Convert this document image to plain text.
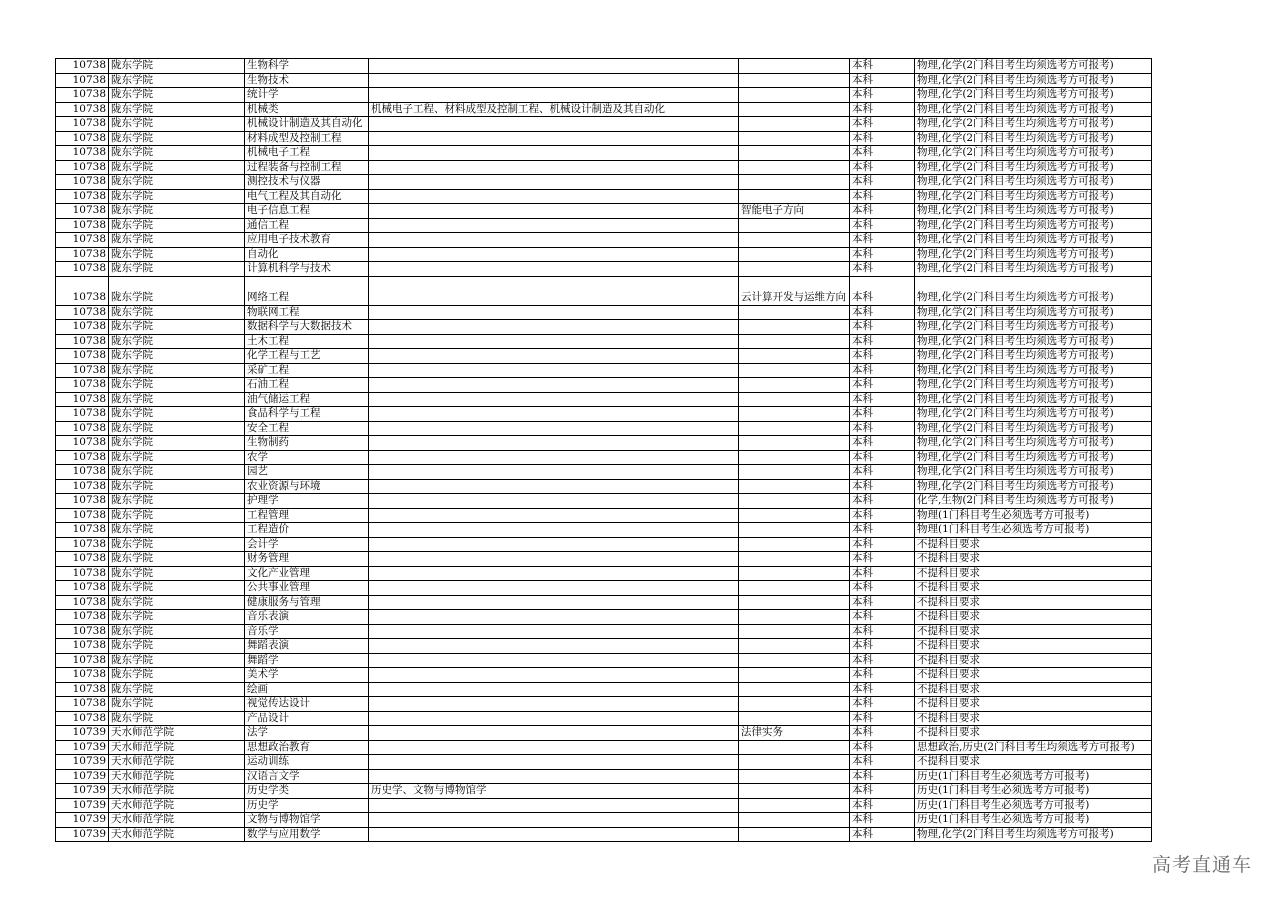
10738	陇东学院	生物科学			本科	物理,化学(2门科目考生均须选考方可报考)
10738	陇东学院	生物技术			本科	物理,化学(2门科目考生均须选考方可报考)
10738	陇东学院	统计学			本科	物理,化学(2门科目考生均须选考方可报考)
10738	陇东学院	机械类	机械电子工程、材料成型及控制工程、机械设计制造及其自动化		本科	物理,化学(2门科目考生均须选考方可报考)
10738	陇东学院	机械设计制造及其自动化			本科	物理,化学(2门科目考生均须选考方可报考)
10738	陇东学院	材料成型及控制工程			本科	物理,化学(2门科目考生均须选考方可报考)
10738	陇东学院	机械电子工程			本科	物理,化学(2门科目考生均须选考方可报考)
10738	陇东学院	过程装备与控制工程			本科	物理,化学(2门科目考生均须选考方可报考)
10738	陇东学院	测控技术与仪器			本科	物理,化学(2门科目考生均须选考方可报考)
10738	陇东学院	电气工程及其自动化			本科	物理,化学(2门科目考生均须选考方可报考)
10738	陇东学院	电子信息工程		智能电子方向	本科	物理,化学(2门科目考生均须选考方可报考)
10738	陇东学院	通信工程			本科	物理,化学(2门科目考生均须选考方可报考)
10738	陇东学院	应用电子技术教育			本科	物理,化学(2门科目考生均须选考方可报考)
10738	陇东学院	自动化			本科	物理,化学(2门科目考生均须选考方可报考)
10738	陇东学院	计算机科学与技术			本科	物理,化学(2门科目考生均须选考方可报考)
10738	陇东学院	网络工程		云计算开发与运维方向	本科	物理,化学(2门科目考生均须选考方可报考)
10738	陇东学院	物联网工程			本科	物理,化学(2门科目考生均须选考方可报考)
10738	陇东学院	数据科学与大数据技术			本科	物理,化学(2门科目考生均须选考方可报考)
10738	陇东学院	土木工程			本科	物理,化学(2门科目考生均须选考方可报考)
10738	陇东学院	化学工程与工艺			本科	物理,化学(2门科目考生均须选考方可报考)
10738	陇东学院	采矿工程			本科	物理,化学(2门科目考生均须选考方可报考)
10738	陇东学院	石油工程			本科	物理,化学(2门科目考生均须选考方可报考)
10738	陇东学院	油气储运工程			本科	物理,化学(2门科目考生均须选考方可报考)
10738	陇东学院	食品科学与工程			本科	物理,化学(2门科目考生均须选考方可报考)
10738	陇东学院	安全工程			本科	物理,化学(2门科目考生均须选考方可报考)
10738	陇东学院	生物制药			本科	物理,化学(2门科目考生均须选考方可报考)
10738	陇东学院	农学			本科	物理,化学(2门科目考生均须选考方可报考)
10738	陇东学院	园艺			本科	物理,化学(2门科目考生均须选考方可报考)
10738	陇东学院	农业资源与环境			本科	物理,化学(2门科目考生均须选考方可报考)
10738	陇东学院	护理学			本科	化学,生物(2门科目考生均须选考方可报考)
10738	陇东学院	工程管理			本科	物理(1门科目考生必须选考方可报考)
10738	陇东学院	工程造价			本科	物理(1门科目考生必须选考方可报考)
10738	陇东学院	会计学			本科	不提科目要求
10738	陇东学院	财务管理			本科	不提科目要求
10738	陇东学院	文化产业管理			本科	不提科目要求
10738	陇东学院	公共事业管理			本科	不提科目要求
10738	陇东学院	健康服务与管理			本科	不提科目要求
10738	陇东学院	音乐表演			本科	不提科目要求
10738	陇东学院	音乐学			本科	不提科目要求
10738	陇东学院	舞蹈表演			本科	不提科目要求
10738	陇东学院	舞蹈学			本科	不提科目要求
10738	陇东学院	美术学			本科	不提科目要求
10738	陇东学院	绘画			本科	不提科目要求
10738	陇东学院	视觉传达设计			本科	不提科目要求
10738	陇东学院	产品设计			本科	不提科目要求
10739	天水师范学院	法学		法律实务	本科	不提科目要求
10739	天水师范学院	思想政治教育			本科	思想政治,历史(2门科目考生均须选考方可报考)
10739	天水师范学院	运动训练			本科	不提科目要求
10739	天水师范学院	汉语言文学			本科	历史(1门科目考生必须选考方可报考)
10739	天水师范学院	历史学类	历史学、文物与博物馆学		本科	历史(1门科目考生必须选考方可报考)
10739	天水师范学院	历史学			本科	历史(1门科目考生必须选考方可报考)
10739	天水师范学院	文物与博物馆学			本科	历史(1门科目考生必须选考方可报考)
10739	天水师范学院	数学与应用数学			本科	物理,化学(2门科目考生均须选考方可报考)
高考直通车
